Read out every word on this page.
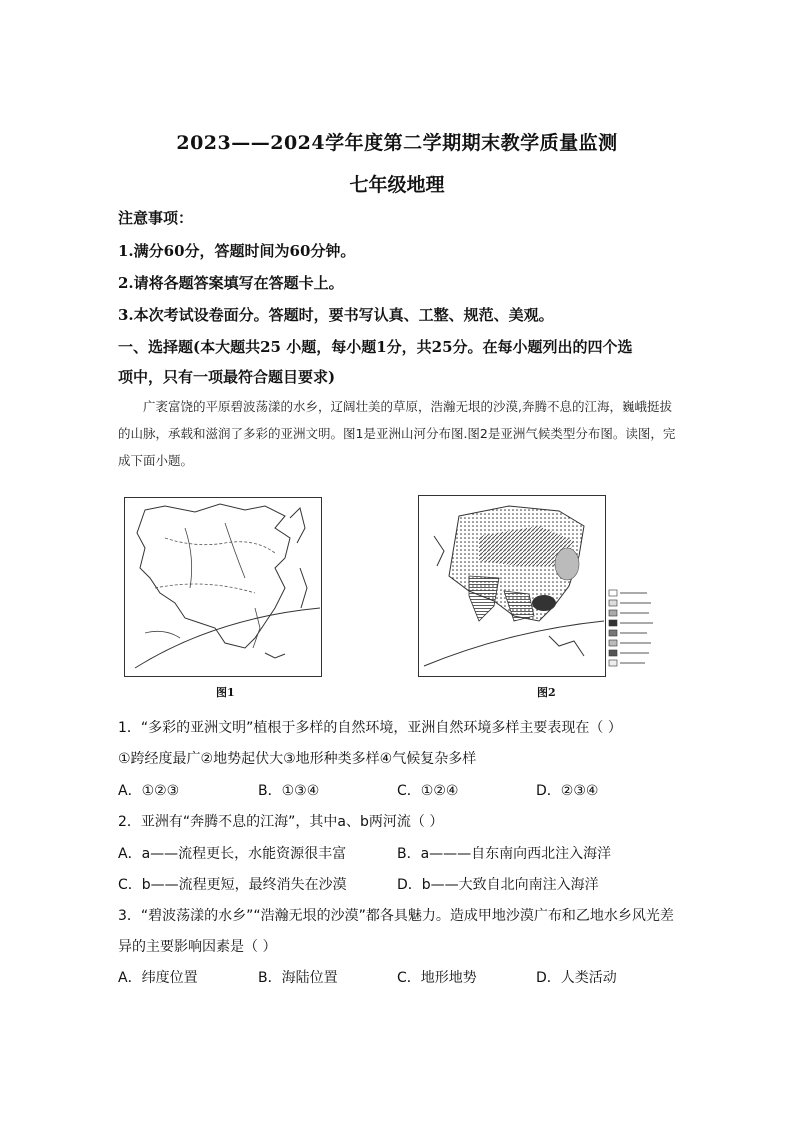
2023——2024学年度第二学期期末教学质量监测
七年级地理
注意事项：
1.满分60分，答题时间为60分钟。
2.请将各题答案填写在答题卡上。
3.本次考试设卷面分。答题时，要书写认真、工整、规范、美观。
一、选择题(本大题共25 小题，每小题1分，共25分。在每小题列出的四个选
项中，只有一项最符合题目要求)
广袤富饶的平原碧波荡漾的水乡，辽阔壮美的草原，浩瀚无垠的沙漠,奔腾不息的江海，巍峨挺拔的山脉，承载和滋润了多彩的亚洲文明。图1是亚洲山河分布图.图2是亚洲气候类型分布图。读图，完成下面小题。
图1	图2
1．“多彩的亚洲文明”植根于多样的自然环境，亚洲自然环境多样主要表现在（ ）
①跨经度最广②地势起伏大③地形种类多样④气候复杂多样
A．①②③	B．①③④	C．①②④	D．②③④
2．亚洲有“奔腾不息的江海”，其中a、b两河流（ ）
A．a——流程更长，水能资源很丰富	B．a———自东南向西北注入海洋
C．b——流程更短，最终消失在沙漠	D．b——大致自北向南注入海洋
3．“碧波荡漾的水乡”“浩瀚无垠的沙漠”都各具魅力。造成甲地沙漠广布和乙地水乡风光差
异的主要影响因素是（ ）
A．纬度位置	B．海陆位置	C．地形地势	D．人类活动
